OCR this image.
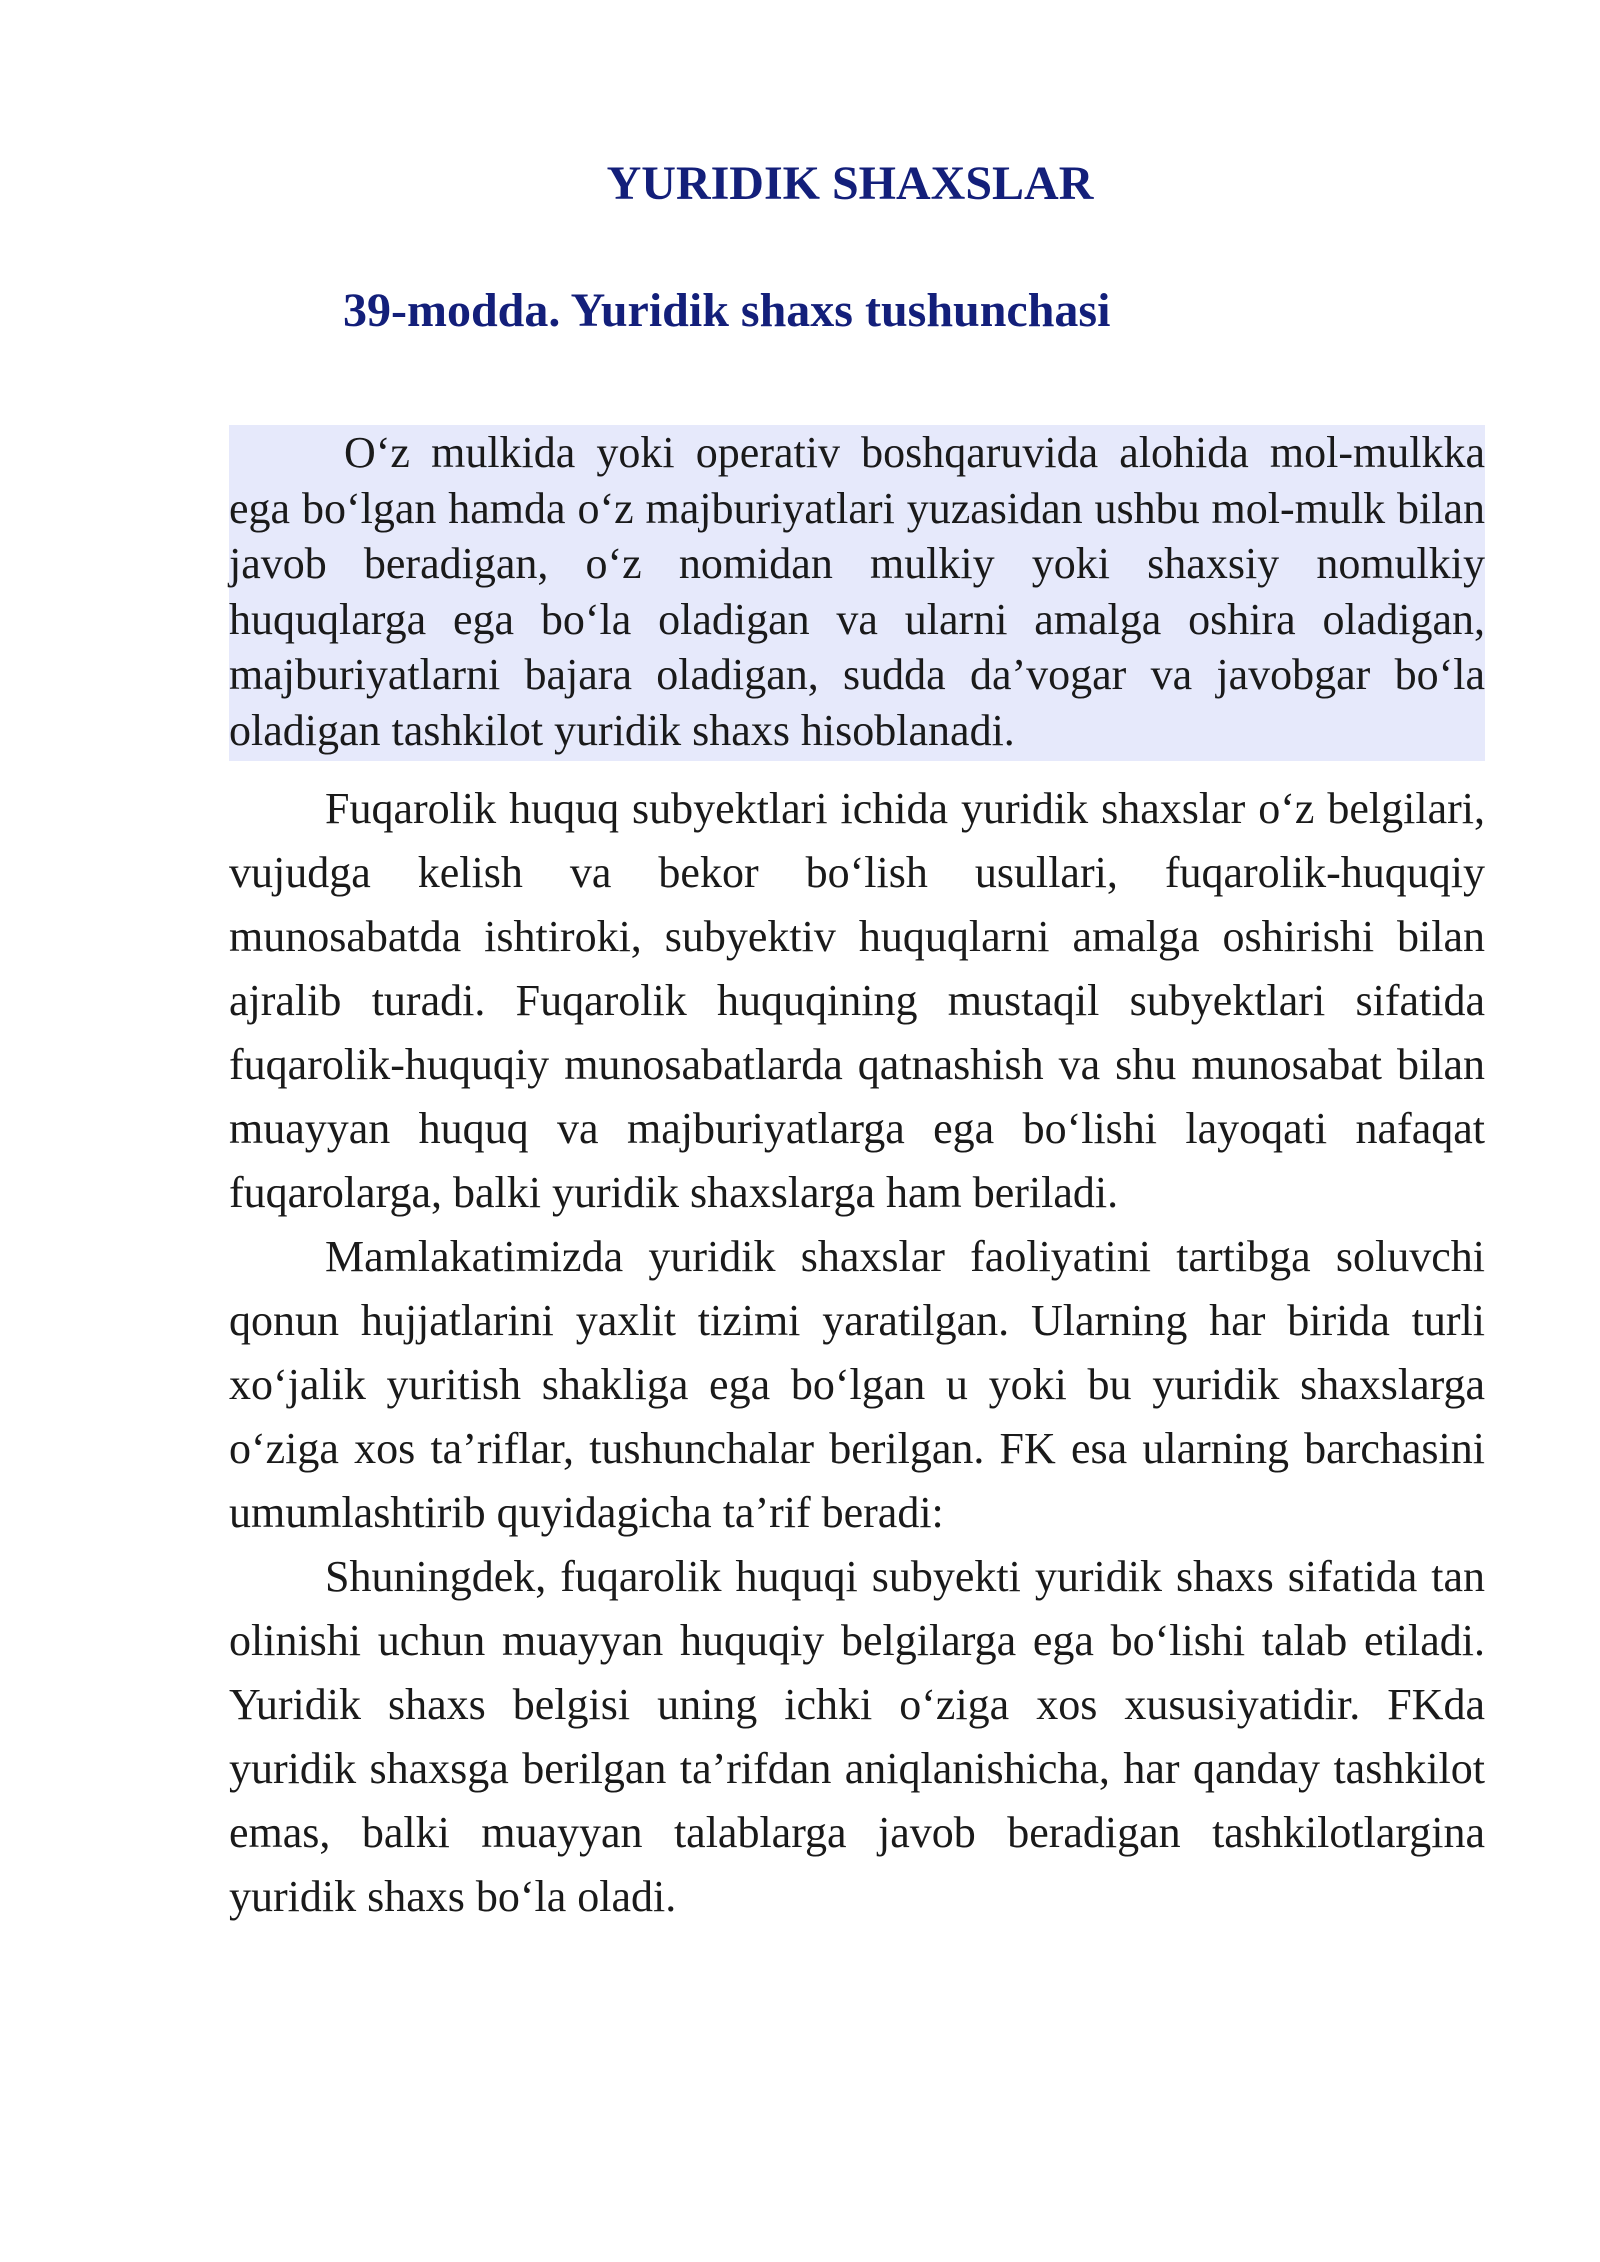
YURIDIK SHAXSLAR
39-modda. Yuridik shaxs tushunchasi

O‘z mulkida yoki operativ boshqaruvida alohida mol-mulkka ega bo‘lgan hamda o‘z majburiyatlari yuzasidan ushbu mol-mulk bilan javob beradigan, o‘z nomidan mulkiy yoki shaxsiy nomulkiy huquqlarga ega bo‘la oladigan va ularni amalga oshira oladigan, majburiyatlarni bajara oladigan, sudda da’vogar va javobgar bo‘la oladigan tashkilot yuridik shaxs hisoblanadi.

Fuqarolik huquq subyektlari ichida yuridik shaxslar o‘z belgilari, vujudga kelish va bekor bo‘lish usullari, fuqarolik-huquqiy munosabatda ishtiroki, subyektiv huquqlarni amalga oshirishi bilan ajralib turadi. Fuqarolik huquqining mustaqil subyektlari sifatida fuqarolik-huquqiy munosabatlarda qatnashish va shu munosabat bilan muayyan huquq va majburiyatlarga ega bo‘lishi layoqati nafaqat fuqarolarga, balki yuridik shaxslarga ham beriladi.

Mamlakatimizda yuridik shaxslar faoliyatini tartibga soluvchi qonun hujjatlarini yaxlit tizimi yaratilgan. Ularning har birida turli xo‘jalik yuritish shakliga ega bo‘lgan u yoki bu yuridik shaxslarga o‘ziga xos ta’riflar, tushunchalar berilgan. FK esa ularning barchasini umumlashtirib quyidagicha ta’rif beradi:

Shuningdek, fuqarolik huquqi subyekti yuridik shaxs sifatida tan olinishi uchun muayyan huquqiy belgilarga ega bo‘lishi talab etiladi. Yuridik shaxs belgisi uning ichki o‘ziga xos xususiyatidir. FKda yuridik shaxsga berilgan ta’rifdan aniqlanishicha, har qanday tashkilot emas, balki muayyan talablarga javob beradigan tashkilotlargina yuridik shaxs bo‘la oladi.
